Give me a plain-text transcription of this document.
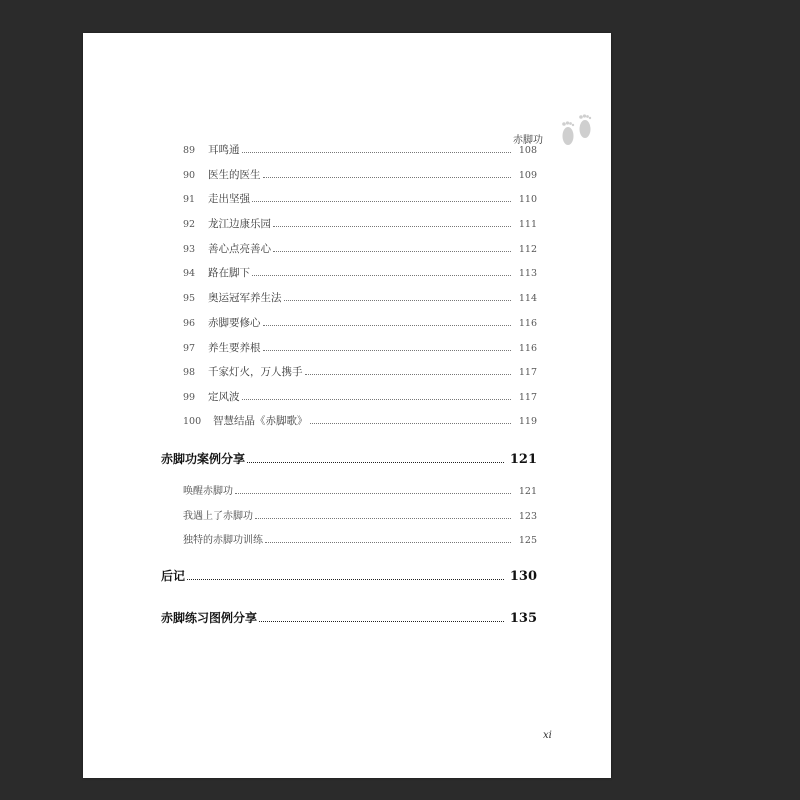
赤脚功
89	耳鸣通	108
90	医生的医生	109
91	走出坚强	110
92	龙江边康乐园	111
93	善心点亮善心	112
94	路在脚下	113
95	奥运冠军养生法	114
96	赤脚要修心	116
97	养生要养根	116
98	千家灯火，万人携手	117
99	定风波	117
100	智慧结晶《赤脚歌》	119
赤脚功案例分享	121
唤醒赤脚功	121
我遇上了赤脚功	123
独特的赤脚功训练	125
后记	130
赤脚练习图例分享	135
xi
